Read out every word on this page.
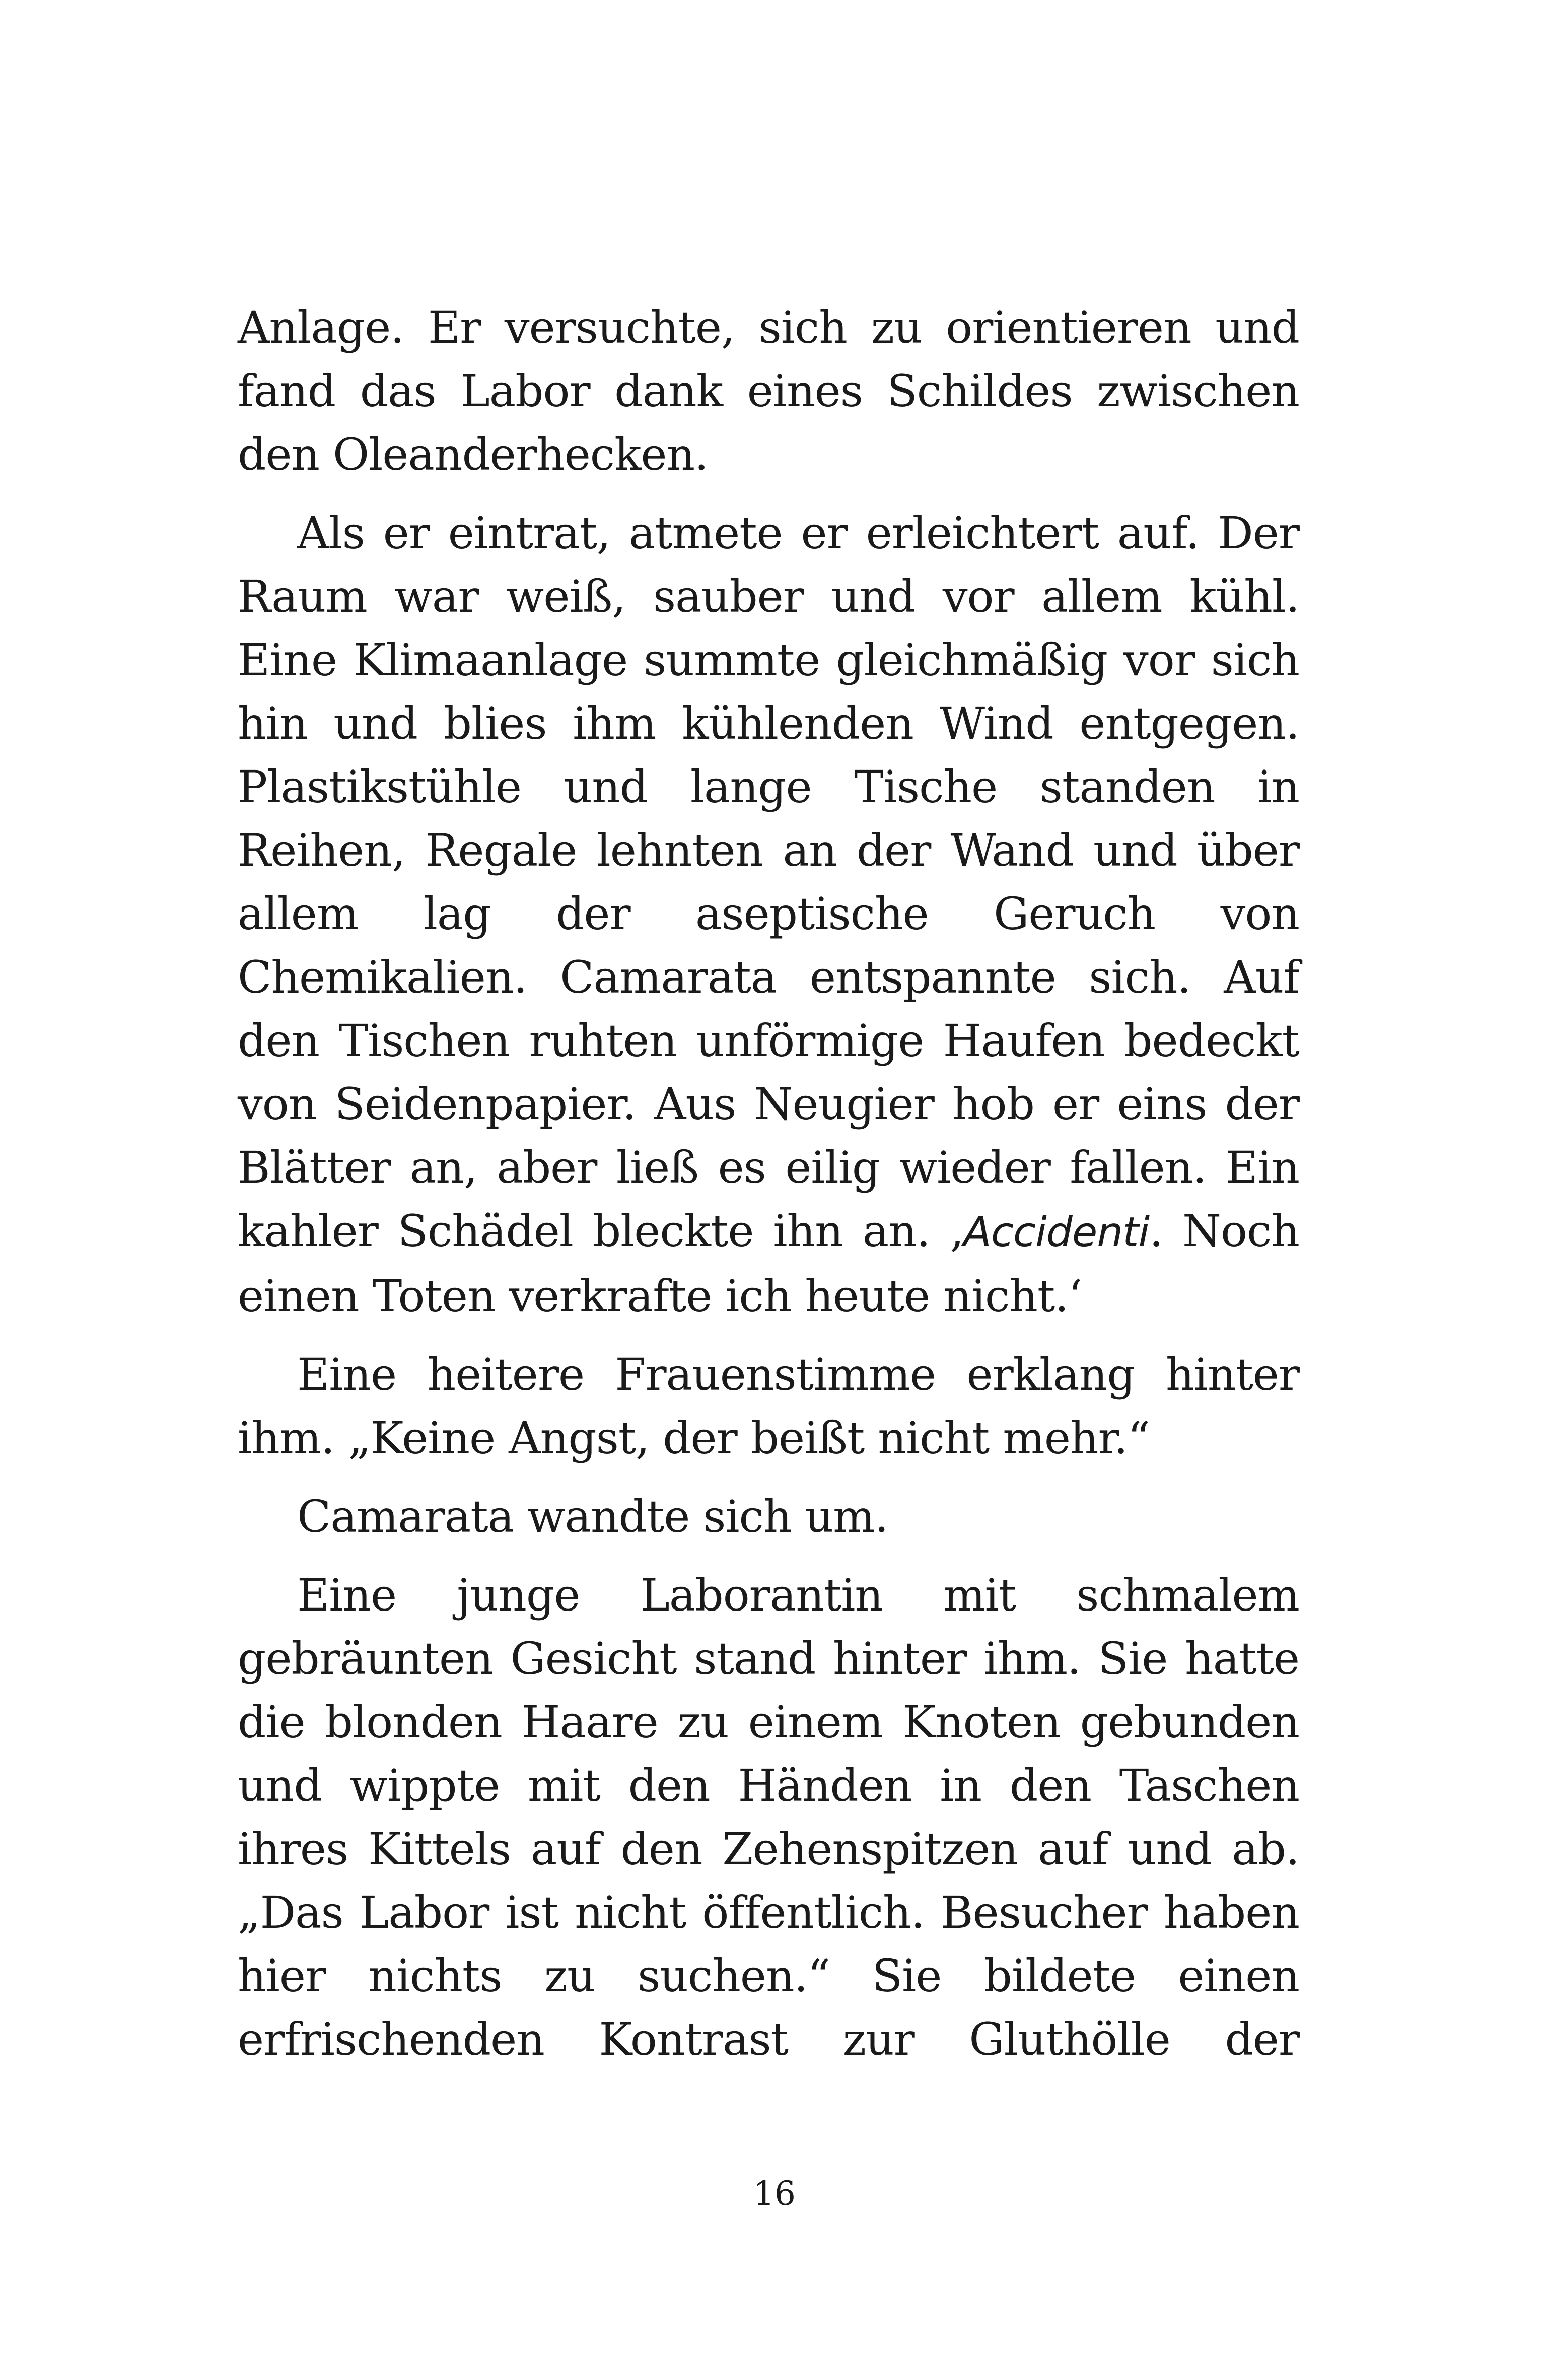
Anlage. Er versuchte, sich zu orientieren und fand das Labor dank eines Schildes zwischen den Oleanderhecken.

Als er eintrat, atmete er erleichtert auf. Der Raum war weiß, sauber und vor allem kühl. Eine Klimaanlage summte gleichmäßig vor sich hin und blies ihm kühlenden Wind entgegen. Plastikstühle und lange Tische standen in Reihen, Regale lehnten an der Wand und über allem lag der aseptische Geruch von Chemikalien. Camarata entspannte sich. Auf den Tischen ruhten unförmige Haufen bedeckt von Seidenpapier. Aus Neugier hob er eins der Blätter an, aber ließ es eilig wieder fallen. Ein kahler Schädel bleckte ihn an. ‚Accidenti. Noch einen Toten verkrafte ich heute nicht.‘

Eine heitere Frauenstimme erklang hinter ihm. „Keine Angst, der beißt nicht mehr.“

Camarata wandte sich um.

Eine junge Laborantin mit schmalem gebräunten Gesicht stand hinter ihm. Sie hatte die blonden Haare zu einem Knoten gebunden und wippte mit den Händen in den Taschen ihres Kittels auf den Zehenspitzen auf und ab. „Das Labor ist nicht öffentlich. Besucher haben hier nichts zu suchen.“ Sie bildete einen erfrischenden Kontrast zur Gluthölle der

16
